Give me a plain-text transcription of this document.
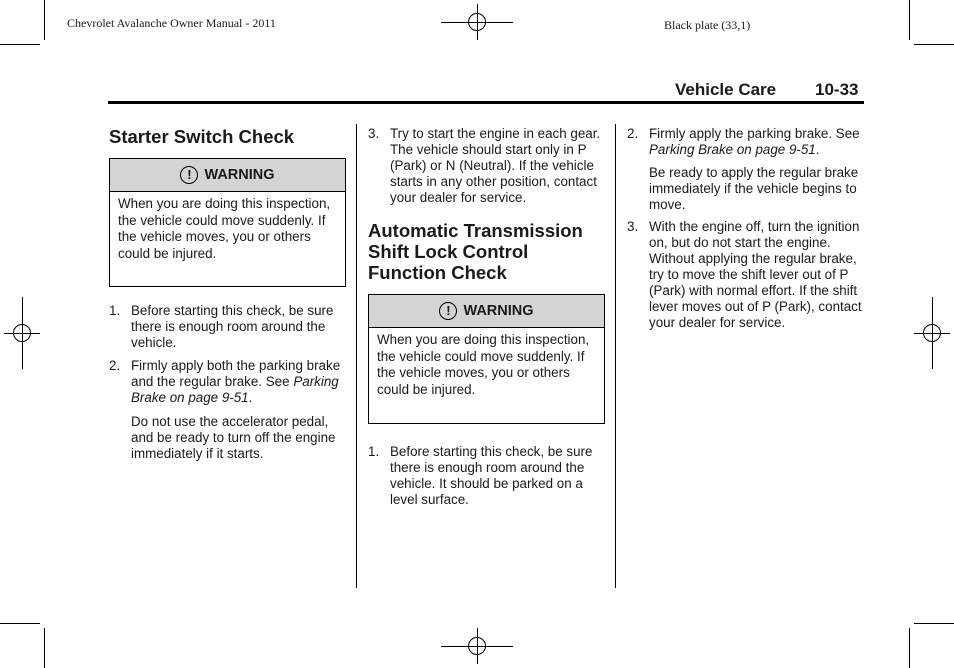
Chevrolet Avalanche Owner Manual - 2011	Black plate (33,1)
Vehicle Care 10-33
Starter Switch Check
! WARNING
When you are doing this inspection, the vehicle could move suddenly. If the vehicle moves, you or others could be injured.
1. Before starting this check, be sure there is enough room around the vehicle.
2. Firmly apply both the parking brake and the regular brake. See Parking Brake on page 9-51.
Do not use the accelerator pedal, and be ready to turn off the engine immediately if it starts.
3. Try to start the engine in each gear. The vehicle should start only in P (Park) or N (Neutral). If the vehicle starts in any other position, contact your dealer for service.
Automatic Transmission Shift Lock Control Function Check
! WARNING
When you are doing this inspection, the vehicle could move suddenly. If the vehicle moves, you or others could be injured.
1. Before starting this check, be sure there is enough room around the vehicle. It should be parked on a level surface.
2. Firmly apply the parking brake. See Parking Brake on page 9-51.
Be ready to apply the regular brake immediately if the vehicle begins to move.
3. With the engine off, turn the ignition on, but do not start the engine. Without applying the regular brake, try to move the shift lever out of P (Park) with normal effort. If the shift lever moves out of P (Park), contact your dealer for service.
